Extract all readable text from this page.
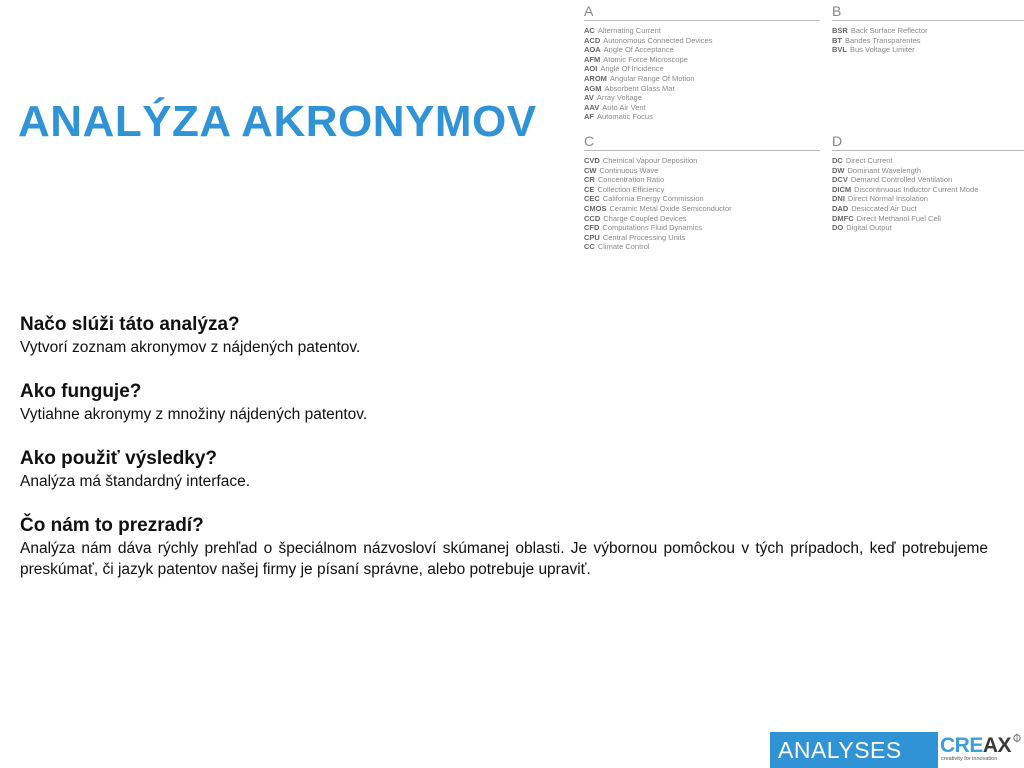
ANALÝZA AKRONYMOV
A
AC Alternating Current
ACD Autonomous Connected Devices
AOA Angle Of Acceptance
AFM Atomic Force Microscope
AOI Angle Of Incidence
AROM Angular Range Of Motion
AGM Absorbent Glass Mat
AV Array Voltage
AAV Auto Air Vent
AF Automatic Focus
B
BSR Back Surface Reflector
BT Bandes Transparentes
BVL Bus Voltage Limiter
C
CVD Chemical Vapour Deposition
CW Continuous Wave
CR Concentration Ratio
CE Collection Efficiency
CEC California Energy Commission
CMOS Ceramic Metal Oxide Semiconductor
CCD Charge Coupled Devices
CFD Computations Fluid Dynamics
CPU Central Processing Units
CC Climate Control
D
DC Direct Current
DW Dominant Wavelength
DCV Demand Controlled Ventilation
DICM Discontinuous Inductor Current Mode
DNI Direct Normal Insolation
DAD Desiccated Air Duct
DMFC Direct Methanol Fuel Cell
DO Digital Output

Načo slúži táto analýza?

Vytvorí zoznam akronymov z nájdených patentov.

Ako funguje?

Vytiahne akronymy z množiny nájdených patentov.

Ako použiť výsledky?

Analýza má štandardný interface.

Čo nám to prezradí?

Analýza nám dáva rýchly prehľad o špeciálnom názvosloví skúmanej oblasti. Je výbornou pomôckou v tých prípadoch, keď potrebujeme preskúmať, či jazyk patentov našej firmy je písaní správne, alebo potrebuje upraviť.

ANALYSES	CREAX
creativity for innovation
